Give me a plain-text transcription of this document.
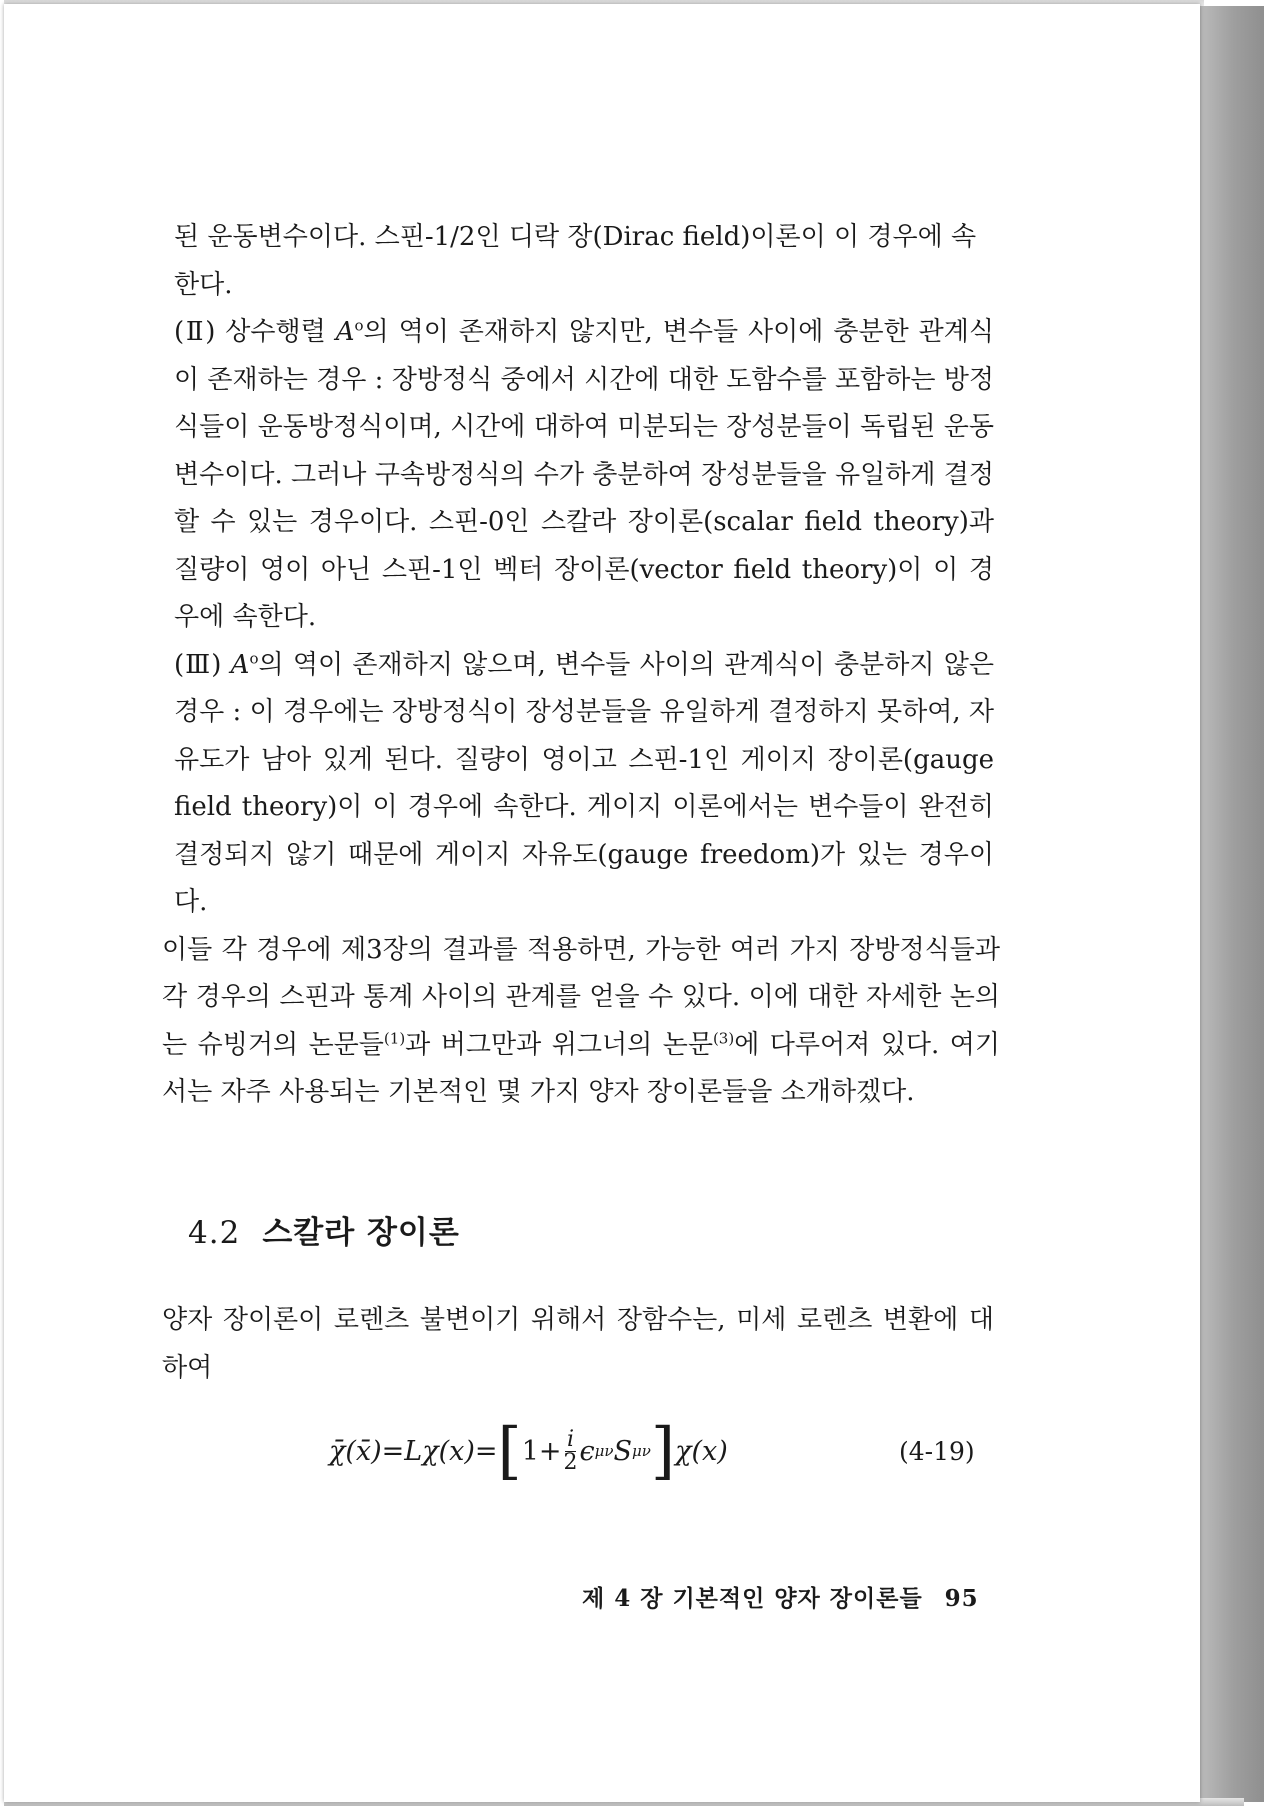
된 운동변수이다. 스핀-1/2인 디락 장(Dirac field)이론이 이 경우에 속
한다.

(Ⅱ) 상수행렬 $A^o$의 역이 존재하지 않지만, 변수들 사이에 충분한 관계식이 존재하는 경우 : 장방정식 중에서 시간에 대한 도함수를 포함하는 방정식들이 운동방정식이며, 시간에 대하여 미분되는 장성분들이 독립된 운동변수이다. 그러나 구속방정식의 수가 충분하여 장성분들을 유일하게 결정할 수 있는 경우이다. 스핀-0인 스칼라 장이론(scalar field theory)과 질량이 영이 아닌 스핀-1인 벡터 장이론(vector field theory)이 이 경우에 속한다.

(Ⅲ) $A^o$의 역이 존재하지 않으며, 변수들 사이의 관계식이 충분하지 않은 경우 : 이 경우에는 장방정식이 장성분들을 유일하게 결정하지 못하여, 자유도가 남아 있게 된다. 질량이 영이고 스핀-1인 게이지 장이론(gauge field theory)이 이 경우에 속한다. 게이지 이론에서는 변수들이 완전히 결정되지 않기 때문에 게이지 자유도(gauge freedom)가 있는 경우이다.

이들 각 경우에 제3장의 결과를 적용하면, 가능한 여러 가지 장방정식들과 각 경우의 스핀과 통계 사이의 관계를 얻을 수 있다. 이에 대한 자세한 논의는 슈빙거의 논문들$^{(1)}$과 버그만과 위그너의 논문$^{(3)}$에 다루어져 있다. 여기서는 자주 사용되는 기본적인 몇 가지 양자 장이론들을 소개하겠다.

4.2 스칼라 장이론
양자 장이론이 로렌츠 불변이기 위해서 장함수는, 미세 로렌츠 변환에 대하여
χ̄(x̄)=Lχ(x)= [ $1+ \frac{i}{2}$ ϵ μν S μν ] χ(x)	(4-19)
제 4 장 기본적인 양자 장이론들 95
